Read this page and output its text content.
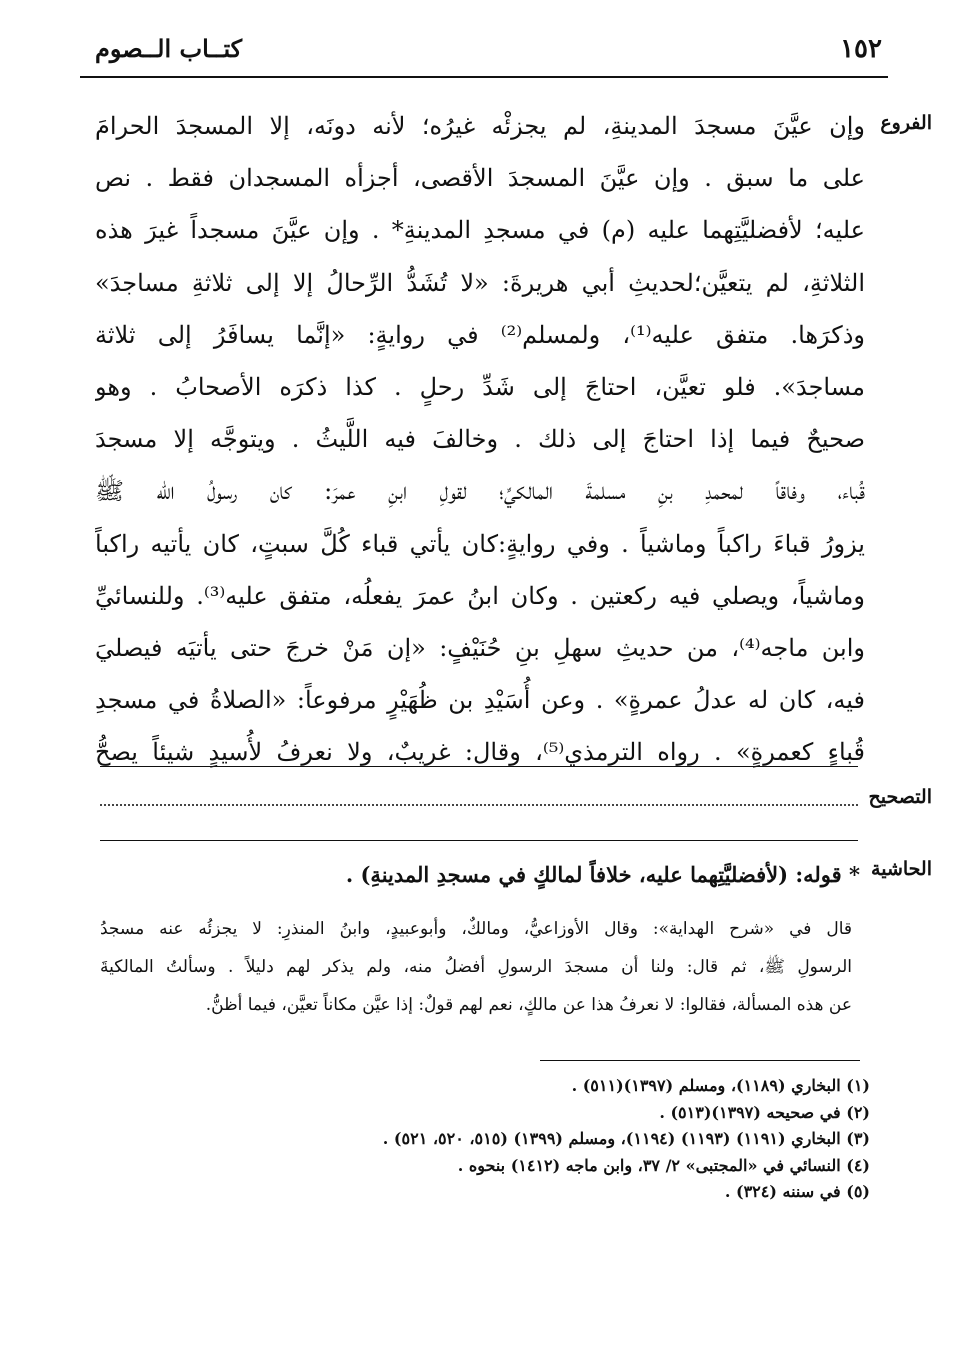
كتــاب الــصوم	١٥٢
الفروع
وإن عيَّنَ مسجدَ المدينةِ، لم يجزئْه غيرُه؛ لأنه دونَه، إلا المسجدَ الحرامَ
على ما سبق . وإن عيَّنَ المسجدَ الأقصى، أجزأه المسجدان فقط . نص
عليه؛ لأفضليَّتِهما عليه (م) في مسجدِ المدينةِ* . وإن عيَّنَ مسجداً غيرَ هذه
الثلاثةِ، لم يتعيَّن؛لحديثِ أبي هريرةَ: «لا تُشَدُّ الرِّحالُ إلا إلى ثلاثةِ مساجدَ»
وذكرَها. متفق عليه⁽¹⁾، ولمسلم⁽²⁾ في روايةٍ: «إنَّما يسافَرُ إلى ثلاثة
مساجدَ». فلو تعيَّن، احتاجَ إلى شَدِّ رحلٍ . كذا ذكرَه الأصحابُ . وهو
صحيحٌ فيما إذا احتاجَ إلى ذلك . وخالفَ فيه اللَّيثُ . ويتوجَّه إلا مسجدَ
قُباء، وفاقاً لمحمدِ بنِ مسلمةَ المالكيِّ؛ لقولِ ابنِ عمرَ: كان رسولُ الله ﷺ
يزورُ قباءَ راكباً وماشياً . وفي روايةٍ:كان يأتي قباء كُلَّ سبتٍ، كان يأتيه راكباً
وماشياً، ويصلي فيه ركعتين . وكان ابنُ عمرَ يفعلُه، متفق عليه⁽³⁾. وللنسائيِّ
وابن ماجه⁽⁴⁾، من حديثِ سهلِ بنِ حُنَيْفٍ: «إن مَنْ خرجَ حتى يأتيَه فيصليَ
فيه، كان له عدلُ عمرةٍ» . وعن أُسَيْدِ بن ظُهَيْرٍ مرفوعاً: «الصلاةُ في مسجدِ
قُباءٍ كعمرةٍ» . رواه الترمذي⁽⁵⁾، وقال: غريبٌ، ولا نعرفُ لأُسيدٍ شيئاً يصحُّ
التصحيح
الحاشية
* قوله: (لأفضليَّتِهما عليه، خلافاً لمالكٍ في مسجدِ المدينةِ) .
قال في «شرح الهداية»: وقال الأوزاعيُّ، ومالكٌ، وأبوعبيدٍ، وابنُ المنذرِ: لا يجزئُه عنه مسجدُ
الرسولِ ﷺ، ثم قال: ولنا أن مسجدَ الرسولِ أفضلُ منه، ولم يذكر لهم دليلاً . وسألتُ المالكيةَ
عن هذه المسألة، فقالوا: لا نعرفُ هذا عن مالكٍ، نعم لهم قولٌ: إذا عيَّن مكاناً تعيَّن، فيما أظنُّ.
(١) البخاري (١١٨٩)، ومسلم (١٣٩٧)(٥١١) .
(٢) في صحيحه (١٣٩٧)(٥١٣) .
(٣) البخاري (١١٩١) (١١٩٣) (١١٩٤)، ومسلم (١٣٩٩) (٥١٥، ٥٢٠، ٥٢١) .
(٤) النسائي في «المجتبى» ٢/ ٣٧، وابن ماجه (١٤١٢) بنحوه .
(٥) في سننه (٣٢٤) .
